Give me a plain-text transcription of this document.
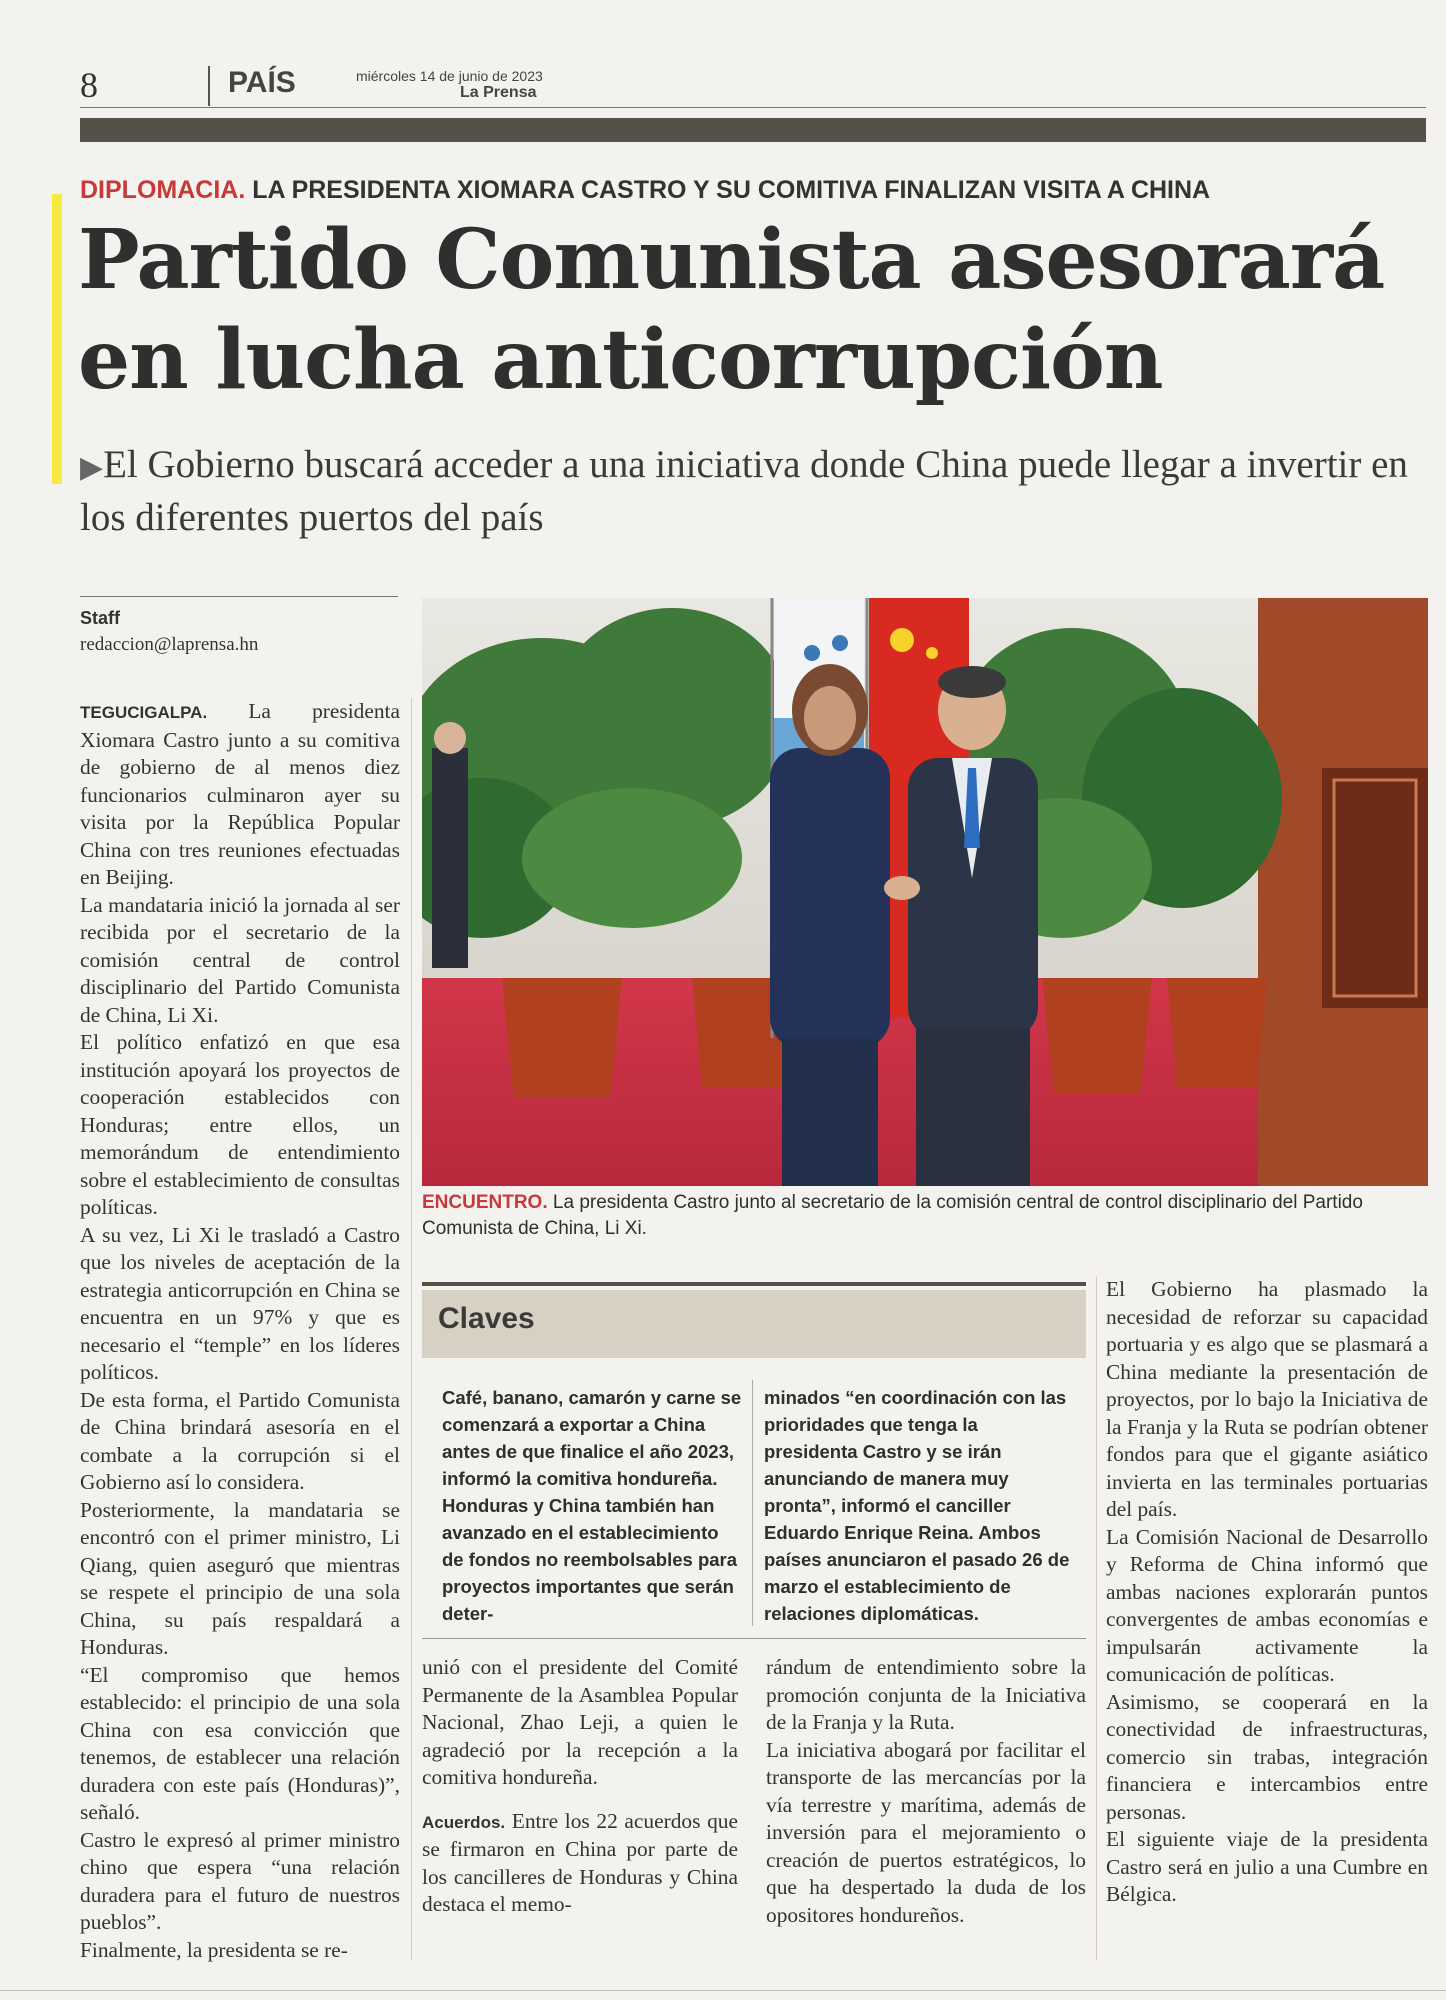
8	PAÍS	miércoles 14 de junio de 2023
La Prensa
DIPLOMACIA. LA PRESIDENTA XIOMARA CASTRO Y SU COMITIVA FINALIZAN VISITA A CHINA
Partido Comunista asesorará
en lucha anticorrupción
▶El Gobierno buscará acceder a una iniciativa donde China puede llegar a invertir en los diferentes puertos del país
Staff
redaccion@laprensa.hn

TEGUCIGALPA. La presidenta Xiomara Castro junto a su comitiva de gobierno de al menos diez funcionarios culminaron ayer su visita por la República Popular China con tres reuniones efectuadas en Beijing.

La mandataria inició la jornada al ser recibida por el secretario de la comisión central de control disciplinario del Partido Comunista de China, Li Xi.

El político enfatizó en que esa institución apoyará los proyectos de cooperación establecidos con Honduras; entre ellos, un memorándum de entendimiento sobre el establecimiento de consultas políticas.

A su vez, Li Xi le trasladó a Castro que los niveles de aceptación de la estrategia anticorrupción en China se encuentra en un 97% y que es necesario el “temple” en los líderes políticos.

De esta forma, el Partido Comunista de China brindará asesoría en el combate a la corrupción si el Gobierno así lo considera.

Posteriormente, la mandataria se encontró con el primer ministro, Li Qiang, quien aseguró que mientras se respete el principio de una sola China, su país respaldará a Honduras.

“El compromiso que hemos establecido: el principio de una sola China con esa convicción que tenemos, de establecer una relación duradera con este país (Honduras)”, señaló.

Castro le expresó al primer ministro chino que espera “una relación duradera para el futuro de nuestros pueblos”.

Finalmente, la presidenta se re-

ENCUENTRO. La presidenta Castro junto al secretario de la comisión central de control disciplinario del Partido Comunista de China, Li Xi.
Claves
Café, banano, camarón y carne se comenzará a exportar a China antes de que finalice el año 2023, informó la comitiva hondureña. Honduras y China también han avanzado en el establecimiento de fondos no reembolsables para proyectos importantes que serán deter-
minados “en coordinación con las prioridades que tenga la presidenta Castro y se irán anunciando de manera muy pronta”, informó el canciller Eduardo Enrique Reina. Ambos países anunciaron el pasado 26 de marzo el establecimiento de relaciones diplomáticas.

unió con el presidente del Comité Permanente de la Asamblea Popular Nacional, Zhao Leji, a quien le agradeció por la recepción a la comitiva hondureña.

Acuerdos. Entre los 22 acuerdos que se firmaron en China por parte de los cancilleres de Honduras y China destaca el memo-

rándum de entendimiento sobre la promoción conjunta de la Iniciativa de la Franja y la Ruta.

La iniciativa abogará por facilitar el transporte de las mercancías por la vía terrestre y marítima, además de inversión para el mejoramiento o creación de puertos estratégicos, lo que ha despertado la duda de los opositores hondureños.

El Gobierno ha plasmado la necesidad de reforzar su capacidad portuaria y es algo que se plasmará a China mediante la presentación de proyectos, por lo bajo la Iniciativa de la Franja y la Ruta se podrían obtener fondos para que el gigante asiático invierta en las terminales portuarias del país.

La Comisión Nacional de Desarrollo y Reforma de China informó que ambas naciones explorarán puntos convergentes de ambas economías e impulsarán activamente la comunicación de políticas.

Asimismo, se cooperará en la conectividad de infraestructuras, comercio sin trabas, integración financiera e intercambios entre personas.

El siguiente viaje de la presidenta Castro será en julio a una Cumbre en Bélgica.
